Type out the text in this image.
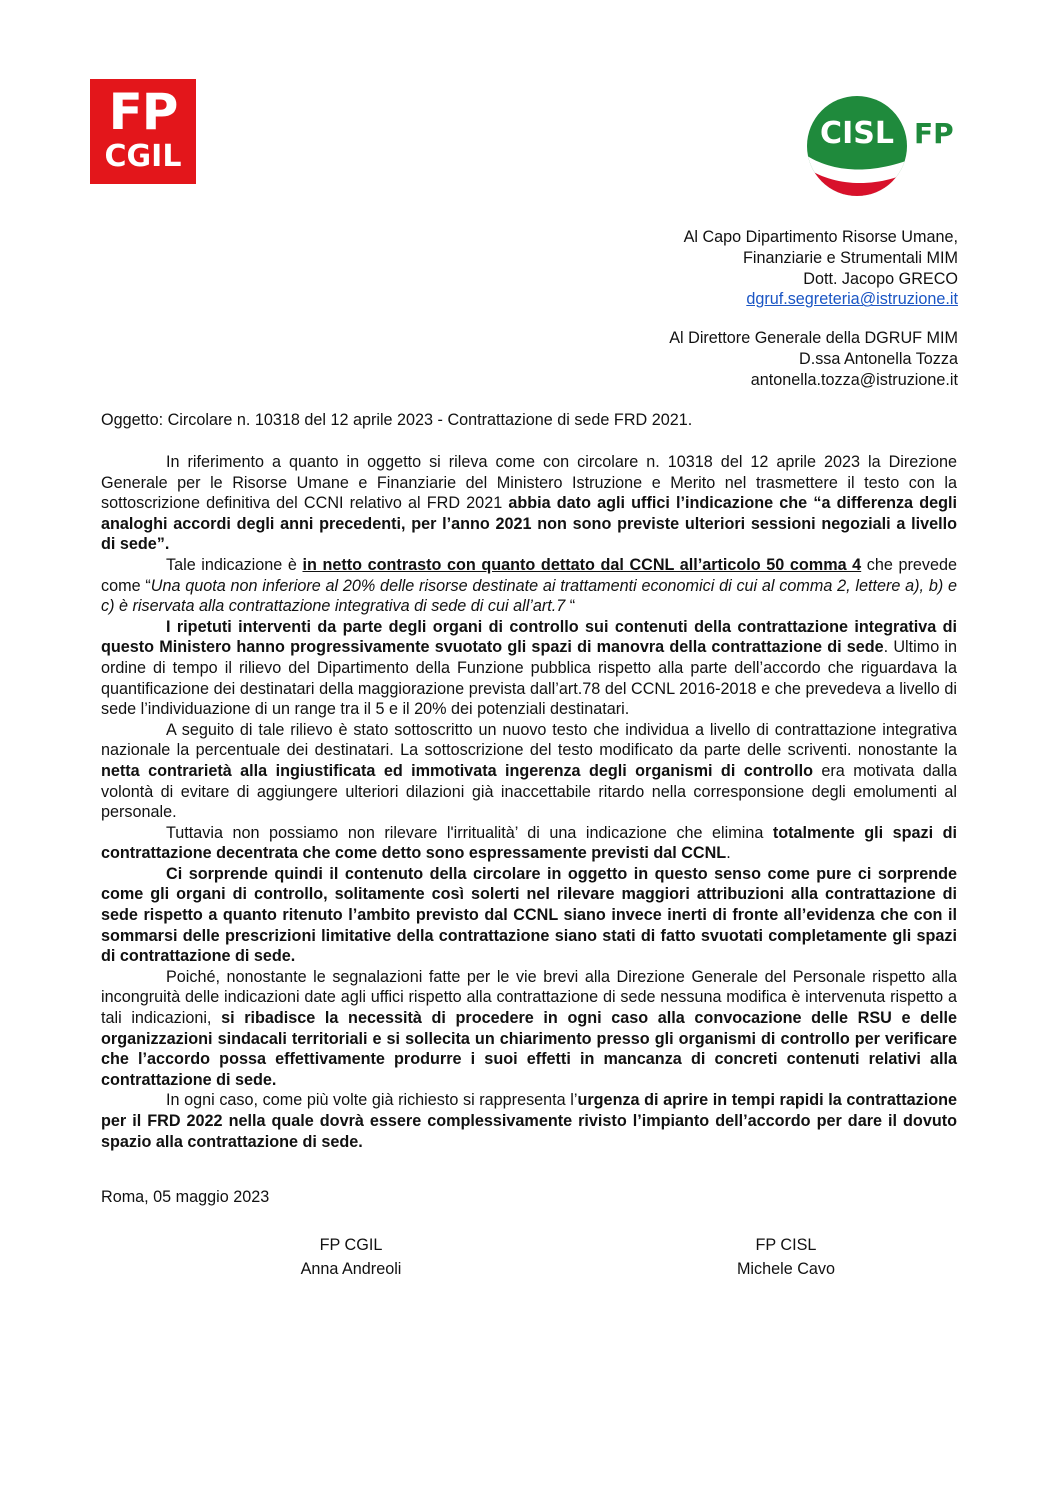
FP
CGIL
CISL FP
Al Capo Dipartimento Risorse Umane,
Finanziarie e Strumentali MIM
Dott. Jacopo GRECO
dgruf.segreteria@istruzione.it
Al Direttore Generale della DGRUF MIM
D.ssa Antonella Tozza
antonella.tozza@istruzione.it
Oggetto: Circolare n. 10318 del 12 aprile 2023 - Contrattazione di sede FRD 2021.

In riferimento a quanto in oggetto si rileva come con circolare n. 10318 del 12 aprile 2023 la Direzione Generale per le Risorse Umane e Finanziarie del Ministero Istruzione e Merito nel trasmettere il testo con la sottoscrizione definitiva del CCNI relativo al FRD 2021 abbia dato agli uffici l’indicazione che “a differenza degli analoghi accordi degli anni precedenti, per l’anno 2021 non sono previste ulteriori sessioni negoziali a livello di sede”.

Tale indicazione è in netto contrasto con quanto dettato dal CCNL all’articolo 50 comma 4 che prevede come “Una quota non inferiore al 20% delle risorse destinate ai trattamenti economici di cui al comma 2, lettere a), b) e c) è riservata alla contrattazione integrativa di sede di cui all’art.7 “

I ripetuti interventi da parte degli organi di controllo sui contenuti della contrattazione integrativa di questo Ministero hanno progressivamente svuotato gli spazi di manovra della contrattazione di sede. Ultimo in ordine di tempo il rilievo del Dipartimento della Funzione pubblica rispetto alla parte dell’accordo che riguardava la quantificazione dei destinatari della maggiorazione prevista dall’art.78 del CCNL 2016-2018 e che prevedeva a livello di sede l’individuazione di un range tra il 5 e il 20% dei potenziali destinatari.

A seguito di tale rilievo è stato sottoscritto un nuovo testo che individua a livello di contrattazione integrativa nazionale la percentuale dei destinatari. La sottoscrizione del testo modificato da parte delle scriventi. nonostante la netta contrarietà alla ingiustificata ed immotivata ingerenza degli organismi di controllo era motivata dalla volontà di evitare di aggiungere ulteriori dilazioni già inaccettabile ritardo nella corresponsione degli emolumenti al personale.

Tuttavia non possiamo non rilevare l'irritualità’ di una indicazione che elimina totalmente gli spazi di contrattazione decentrata che come detto sono espressamente previsti dal CCNL.

Ci sorprende quindi il contenuto della circolare in oggetto in questo senso come pure ci sorprende come gli organi di controllo, solitamente così solerti nel rilevare maggiori attribuzioni alla contrattazione di sede rispetto a quanto ritenuto l’ambito previsto dal CCNL siano invece inerti di fronte all’evidenza che con il sommarsi delle prescrizioni limitative della contrattazione siano stati di fatto svuotati completamente gli spazi di contrattazione di sede.

Poiché, nonostante le segnalazioni fatte per le vie brevi alla Direzione Generale del Personale rispetto alla incongruità delle indicazioni date agli uffici rispetto alla contrattazione di sede nessuna modifica è intervenuta rispetto a tali indicazioni, si ribadisce la necessità di procedere in ogni caso alla convocazione delle RSU e delle organizzazioni sindacali territoriali e si sollecita un chiarimento presso gli organismi di controllo per verificare che l’accordo possa effettivamente produrre i suoi effetti in mancanza di concreti contenuti relativi alla contrattazione di sede.

In ogni caso, come più volte già richiesto si rappresenta l’urgenza di aprire in tempi rapidi la contrattazione per il FRD 2022 nella quale dovrà essere complessivamente rivisto l’impianto dell’accordo per dare il dovuto spazio alla contrattazione di sede.

Roma, 05 maggio 2023
FP CGIL
Anna Andreoli
FP CISL
Michele Cavo
